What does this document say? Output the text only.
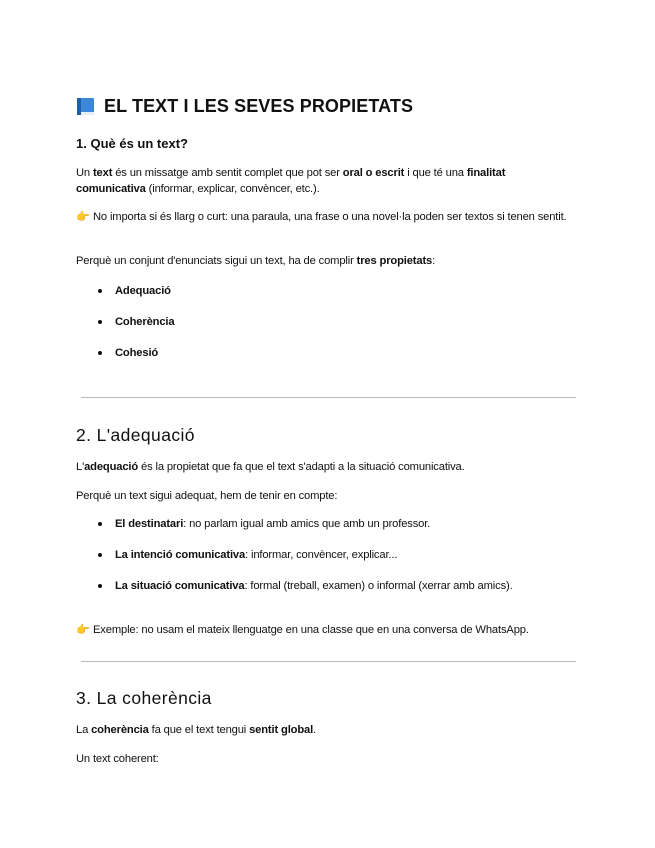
EL TEXT I LES SEVES PROPIETATS
1. Què és un text?
Un text és un missatge amb sentit complet que pot ser oral o escrit i que té una finalitat
comunicativa (informar, explicar, convèncer, etc.).
👉 No importa si és llarg o curt: una paraula, una frase o una novel·la poden ser textos si tenen sentit.
Perquè un conjunt d'enunciats sigui un text, ha de complir tres propietats:
Adequació
Coherència
Cohesió
2. L'adequació
L'adequació és la propietat que fa que el text s'adapti a la situació comunicativa.
Perquè un text sigui adequat, hem de tenir en compte:
El destinatari: no parlam igual amb amics que amb un professor.
La intenció comunicativa: informar, convèncer, explicar...
La situació comunicativa: formal (treball, examen) o informal (xerrar amb amics).
👉 Exemple: no usam el mateix llenguatge en una classe que en una conversa de WhatsApp.
3. La coherència
La coherència fa que el text tengui sentit global.
Un text coherent:
